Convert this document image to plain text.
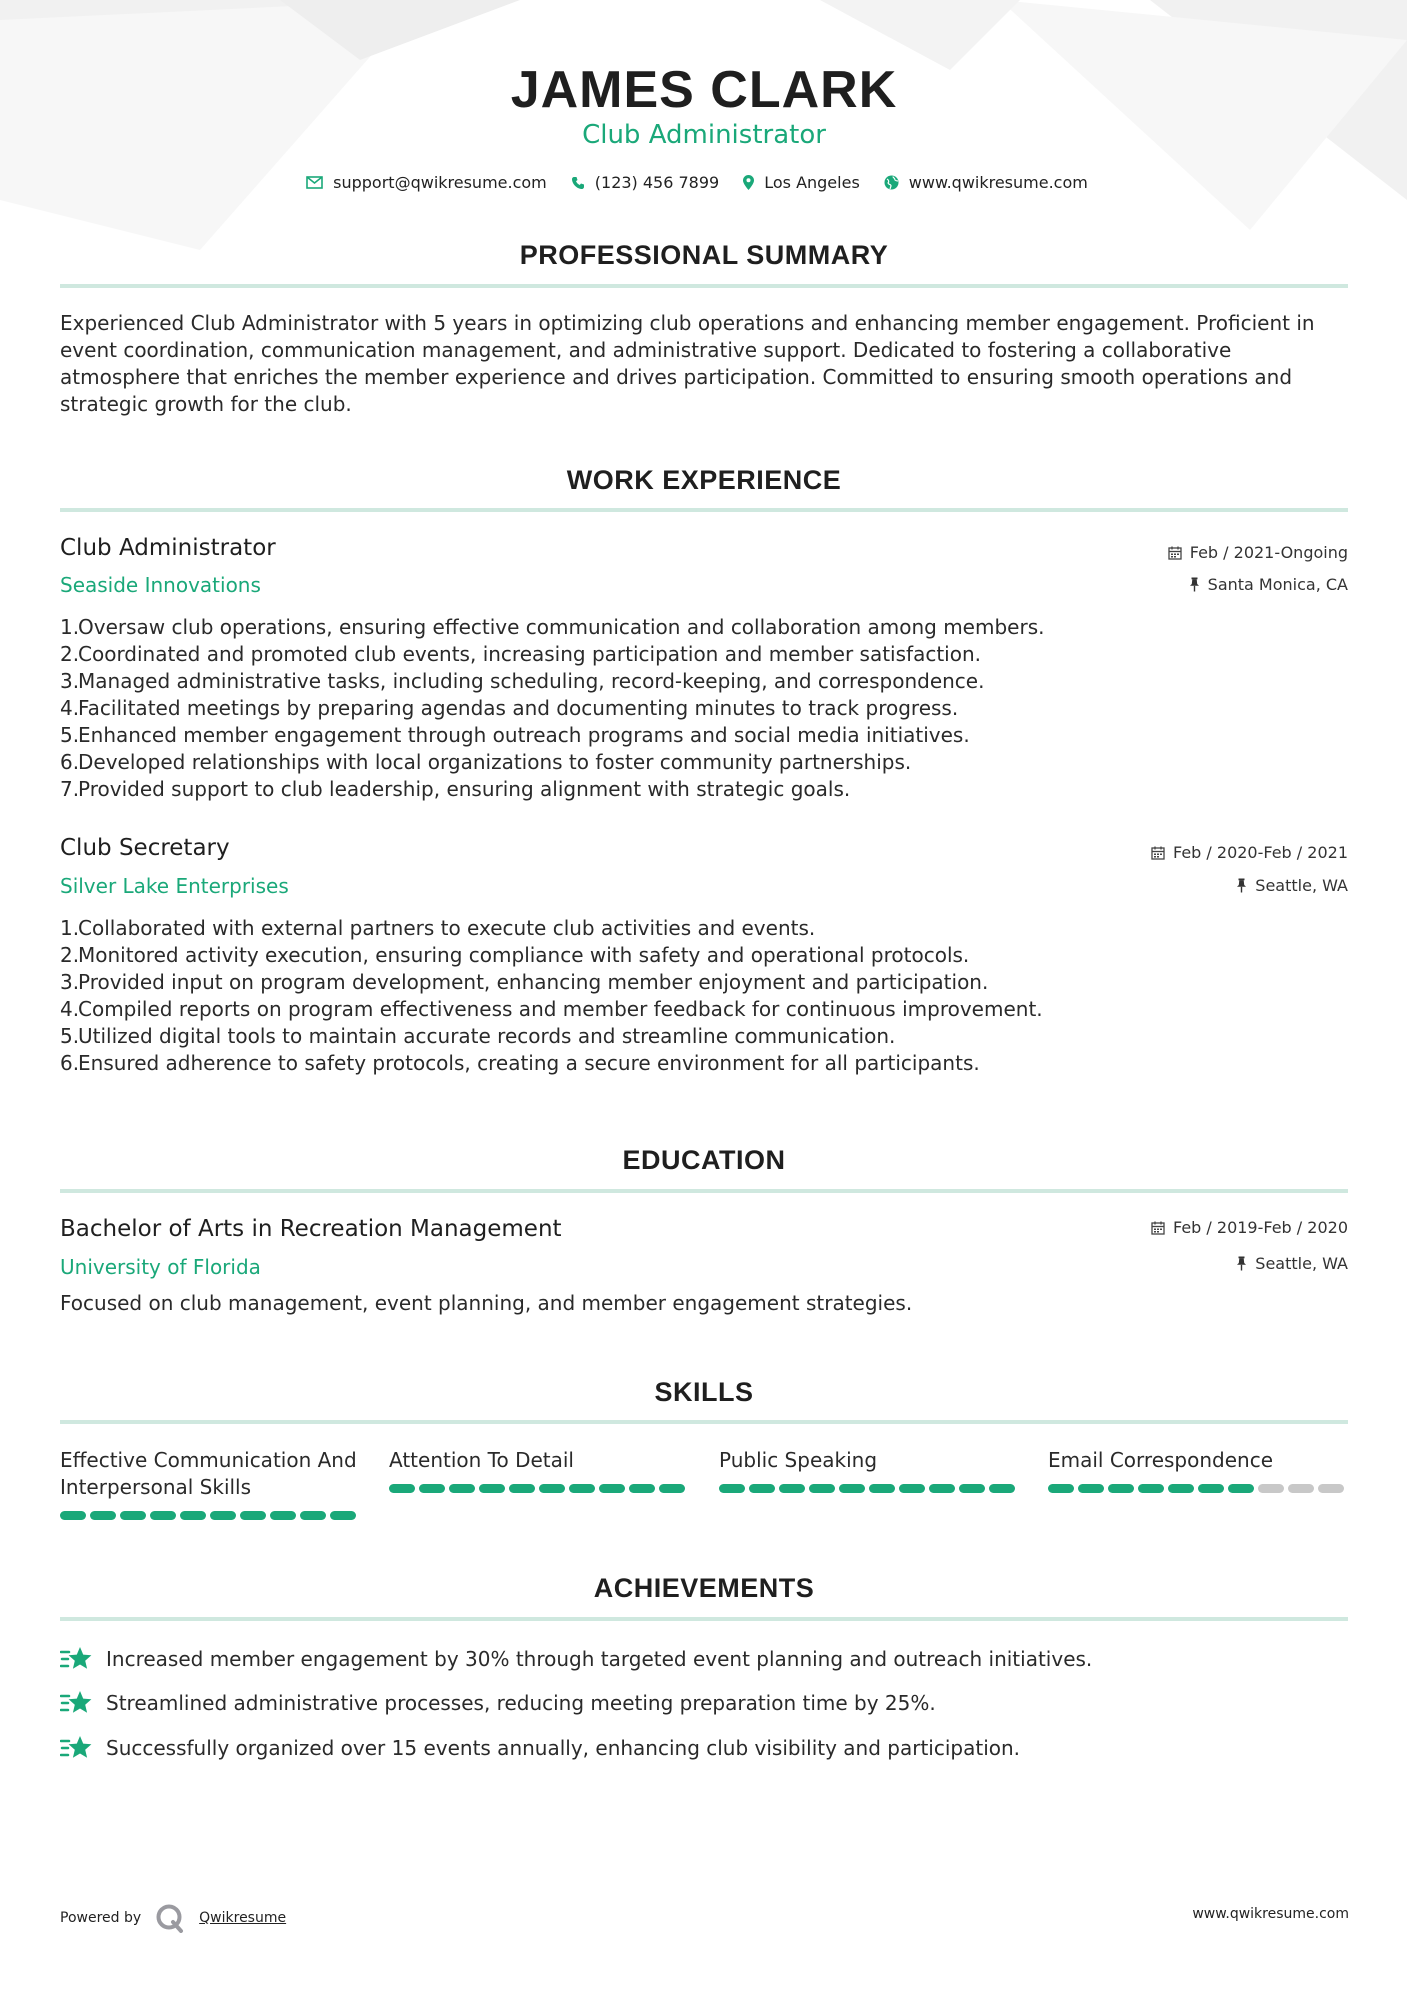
JAMES CLARK
Club Administrator
support@qwikresume.com	(123) 456 7899	Los Angeles	www.qwikresume.com
PROFESSIONAL SUMMARY
Experienced Club Administrator with 5 years in optimizing club operations and enhancing member engagement. Proficient in event coordination, communication management, and administrative support. Dedicated to fostering a collaborative atmosphere that enriches the member experience and drives participation. Committed to ensuring smooth operations and strategic growth for the club.
WORK EXPERIENCE
Club Administrator	Feb / 2021-Ongoing
Seaside Innovations	Santa Monica, CA
1.
Oversaw club operations, ensuring effective communication and collaboration among members.
2.
Coordinated and promoted club events, increasing participation and member satisfaction.
3.
Managed administrative tasks, including scheduling, record-keeping, and correspondence.
4.
Facilitated meetings by preparing agendas and documenting minutes to track progress.
5.
Enhanced member engagement through outreach programs and social media initiatives.
6.
Developed relationships with local organizations to foster community partnerships.
7.
Provided support to club leadership, ensuring alignment with strategic goals.
Club Secretary	Feb / 2020-Feb / 2021
Silver Lake Enterprises	Seattle, WA
1.
Collaborated with external partners to execute club activities and events.
2.
Monitored activity execution, ensuring compliance with safety and operational protocols.
3.
Provided input on program development, enhancing member enjoyment and participation.
4.
Compiled reports on program effectiveness and member feedback for continuous improvement.
5.
Utilized digital tools to maintain accurate records and streamline communication.
6.
Ensured adherence to safety protocols, creating a secure environment for all participants.
EDUCATION
Bachelor of Arts in Recreation Management	Feb / 2019-Feb / 2020
University of Florida	Seattle, WA
Focused on club management, event planning, and member engagement strategies.
SKILLS
Effective Communication And Interpersonal Skills
Attention To Detail	Public Speaking	Email Correspondence
ACHIEVEMENTS
Increased member engagement by 30% through targeted event planning and outreach initiatives.
Streamlined administrative processes, reducing meeting preparation time by 25%.
Successfully organized over 15 events annually, enhancing club visibility and participation.
Powered by	Qwikresume	www.qwikresume.com
